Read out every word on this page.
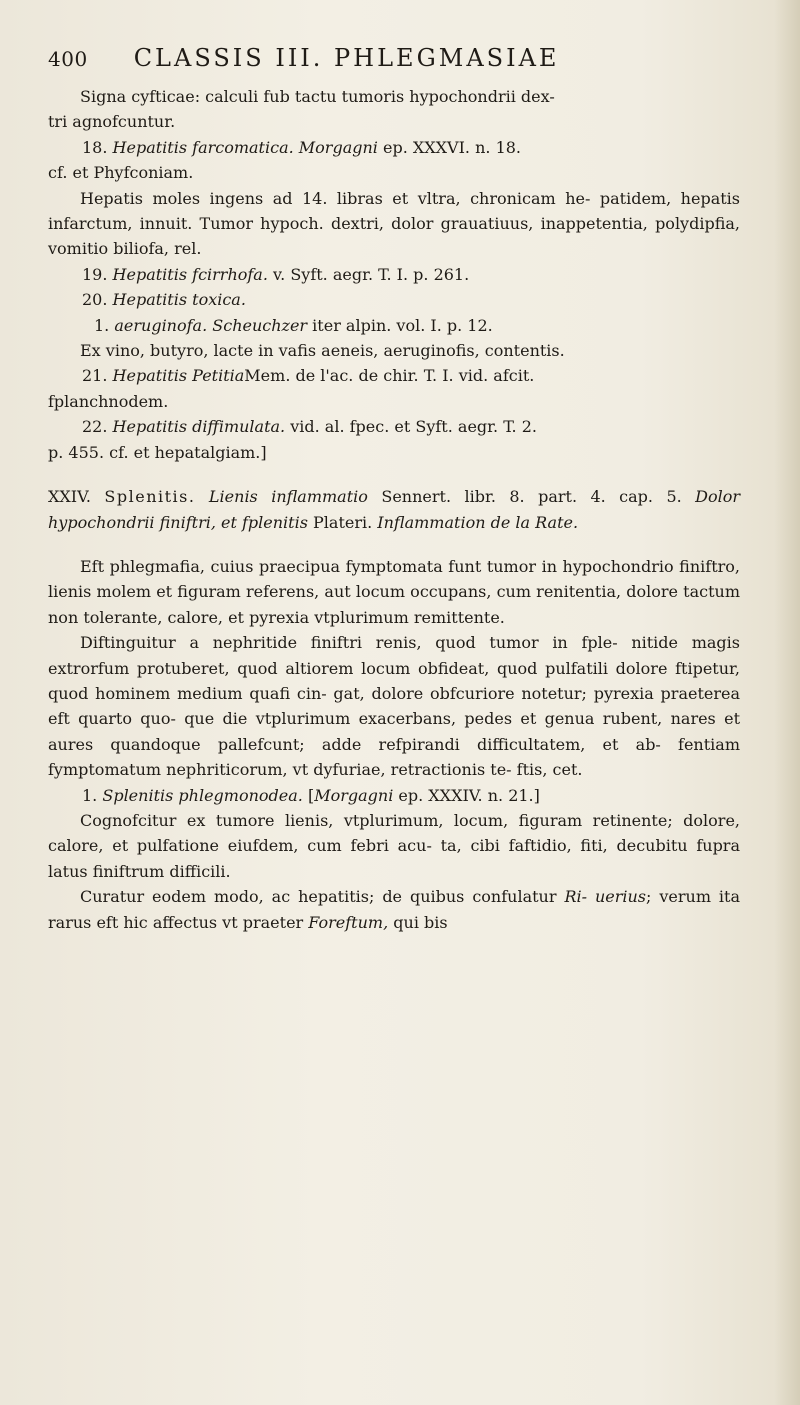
400 CLASSIS III. PHLEGMASIAE

Signa cyfticae: calculi fub tactu tumoris hypochondrii dex-

tri agnofcuntur.

18. Hepatitis farcomatica. Morgagni ep. XXXVI. n. 18.

cf. et Phyfconiam.

Hepatis moles ingens ad 14. libras et vltra, chronicam he- patidem, hepatis infarctum, innuit. Tumor hypoch. dextri, dolor grauatiuus, inappetentia, polydipfia, vomitio biliofa, rel.

19. Hepatitis fcirrhofa. v. Syft. aegr. T. I. p. 261.

20. Hepatitis toxica.

1. aeruginofa. Scheuchzer iter alpin. vol. I. p. 12.

Ex vino, butyro, lacte in vafis aeneis, aeruginofis, contentis.

21. Hepatitis PetitiaMem. de l'ac. de chir. T. I. vid. afcit.

fplanchnodem.

22. Hepatitis diffimulata. vid. al. fpec. et Syft. aegr. T. 2.

p. 455. cf. et hepatalgiam.]

XXIV. Splenitis. Lienis inflammatio Sennert. libr. 8. part. 4. cap. 5. Dolor hypochondrii finiftri, et fplenitis Plateri. Inflammation de la Rate.

Eft phlegmafia, cuius praecipua fymptomata funt tumor in hypochondrio finiftro, lienis molem et figuram referens, aut locum occupans, cum renitentia, dolore tactum non tolerante, calore, et pyrexia vtplurimum remittente.

Diftinguitur a nephritide finiftri renis, quod tumor in fple- nitide magis extrorfum protuberet, quod altiorem locum obfideat, quod pulfatili dolore ftipetur, quod hominem medium quafi cin- gat, dolore obfcuriore notetur; pyrexia praeterea eft quarto quo- que die vtplurimum exacerbans, pedes et genua rubent, nares et aures quandoque pallefcunt; adde refpirandi difficultatem, et ab- fentiam fymptomatum nephriticorum, vt dyfuriae, retractionis te- ftis, cet.

1. Splenitis phlegmonodea. [Morgagni ep. XXXIV. n. 21.]

Cognofcitur ex tumore lienis, vtplurimum, locum, figuram retinente; dolore, calore, et pulfatione eiufdem, cum febri acu- ta, cibi faftidio, fiti, decubitu fupra latus finiftrum difficili.

Curatur eodem modo, ac hepatitis; de quibus confulatur Ri- uerius; verum ita rarus eft hic affectus vt praeter Foreftum, qui bis
